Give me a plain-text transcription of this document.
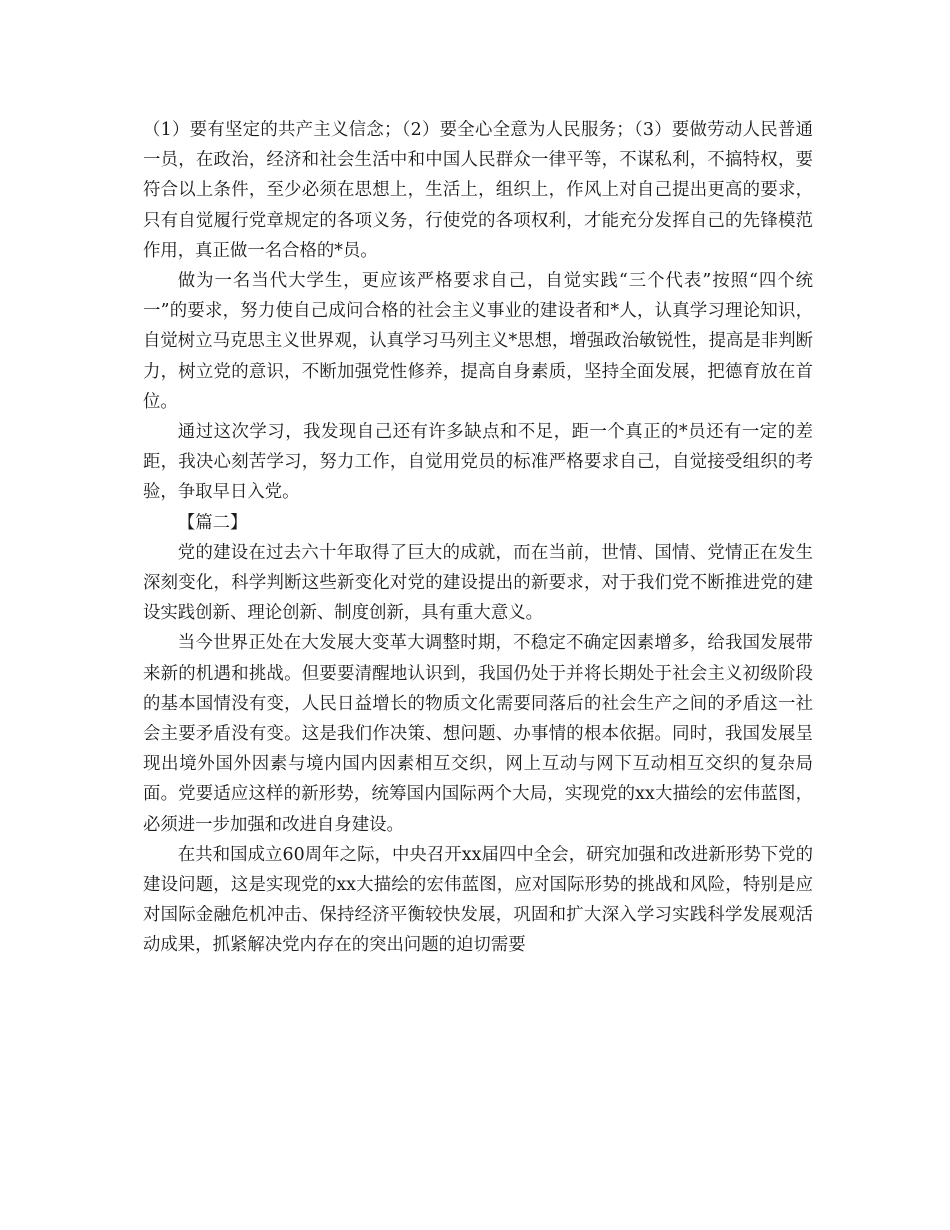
（1）要有坚定的共产主义信念；（2）要全心全意为人民服务；（3）要做劳动人民普通一员，在政治，经济和社会生活中和中国人民群众一律平等，不谋私利，不搞特权，要符合以上条件，至少必须在思想上，生活上，组织上，作风上对自己提出更高的要求，只有自觉履行党章规定的各项义务，行使党的各项权利，才能充分发挥自己的先锋模范作用，真正做一名合格的*员。

做为一名当代大学生，更应该严格要求自己，自觉实践“三个代表”按照“四个统一”的要求，努力使自己成问合格的社会主义事业的建设者和*人，认真学习理论知识，自觉树立马克思主义世界观，认真学习马列主义*思想，增强政治敏锐性，提高是非判断力，树立党的意识，不断加强党性修养，提高自身素质，坚持全面发展，把德育放在首位。

通过这次学习，我发现自己还有许多缺点和不足，距一个真正的*员还有一定的差距，我决心刻苦学习，努力工作，自觉用党员的标准严格要求自己，自觉接受组织的考验，争取早日入党。

【篇二】

党的建设在过去六十年取得了巨大的成就，而在当前，世情、国情、党情正在发生深刻变化，科学判断这些新变化对党的建设提出的新要求，对于我们党不断推进党的建设实践创新、理论创新、制度创新，具有重大意义。

当今世界正处在大发展大变革大调整时期，不稳定不确定因素增多，给我国发展带来新的机遇和挑战。但要要清醒地认识到，我国仍处于并将长期处于社会主义初级阶段的基本国情没有变，人民日益增长的物质文化需要同落后的社会生产之间的矛盾这一社会主要矛盾没有变。这是我们作决策、想问题、办事情的根本依据。同时，我国发展呈现出境外国外因素与境内国内因素相互交织，网上互动与网下互动相互交织的复杂局面。党要适应这样的新形势，统筹国内国际两个大局，实现党的xx大描绘的宏伟蓝图，必须进一步加强和改进自身建设。

在共和国成立60周年之际，中央召开xx届四中全会，研究加强和改进新形势下党的建设问题，这是实现党的xx大描绘的宏伟蓝图，应对国际形势的挑战和风险，特别是应对国际金融危机冲击、保持经济平衡较快发展，巩固和扩大深入学习实践科学发展观活动成果，抓紧解决党内存在的突出问题的迫切需要
